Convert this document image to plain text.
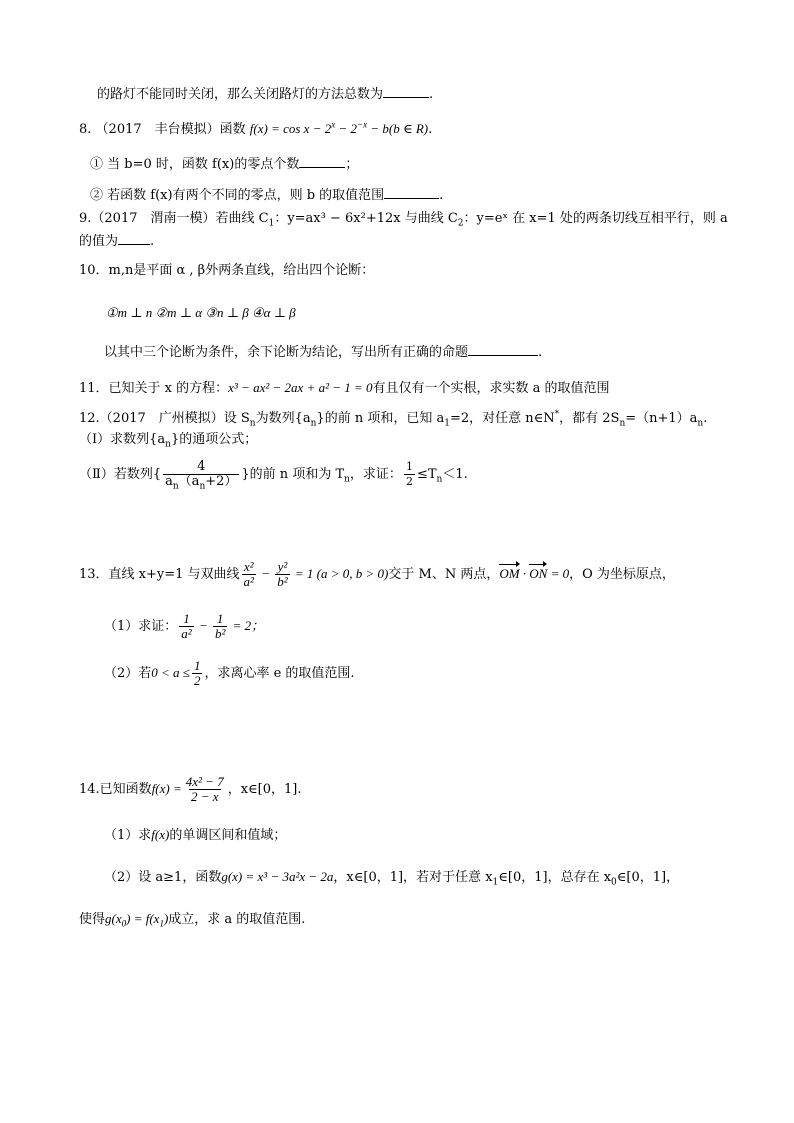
的路灯不能同时关闭，那么关闭路灯的方法总数为	.
8. （2017　丰台模拟）函数 $f(x) = \cos x - 2^x - 2^{-x} - b(b$ ∈ R).
① 当 b=0 时，函数 f(x)的零点个数	；
② 若函数 f(x)有两个不同的零点，则 b 的取值范围	.
9.（2017　渭南一模）若曲线 $C_1$：y=ax³ − 6x²+12x 与曲线 $C_2$：y=eˣ 在 x=1 处的两条切线互相平行，则 a
的值为 .
10．m,n是平面 α , β外两条直线，给出四个论断：
①m ⊥ n ②m ⊥ α ③n ⊥ β ④α ⊥ β
以其中三个论断为条件，余下论断为结论，写出所有正确的命题	.
11．已知关于 x 的方程：x³ − ax² − 2ax + a² − 1 = 0有且仅有一个实根，求实数 a 的取值范围
12.（2017　广州模拟）设 $S_n$为数列$\{a_n\}$的前 n 项和，已知 $a_1=2$，对任意 n∈N*，都有 $2S_n=(n+1)a_n$.
（Ⅰ）求数列$\{a_n\}$的通项公式；
（Ⅱ）若数列{ $\frac{4}{a_n(a_n+2)}$ }的前 n 项和为 $T_n$，求证： $\frac{1}{2} \le T_n<1$.
13．直线 x+y=1 与双曲线 $\frac{\text{x²}}{\text{a²}} - \frac{\text{y²}}{\text{b²}} = 1$ (a > 0, b > 0)交于 M、N 两点，OM · ON = 0，O 为坐标原点，
（1）求证： $\frac{1}{\text{a²}} - \frac{1}{\text{b²}} = 2$；
（2）若$0 < a \le \frac{1}{2}$ ，求离心率 e 的取值范围.
14.已知函数$f(x) = \frac{\text{4x² − 7}}{2 - x}$ ，x∈[0，1].
（1）求f(x)的单调区间和值域；
（2）设 a≥1，函数g(x) = x³ − 3a²x − 2a，x∈[0，1]，若对于任意 $x_1\in[0$，1]，总存在 $x_0\in[0$，1]，
使得$g(x_0) = f(x_1)$成立，求 a 的取值范围.
